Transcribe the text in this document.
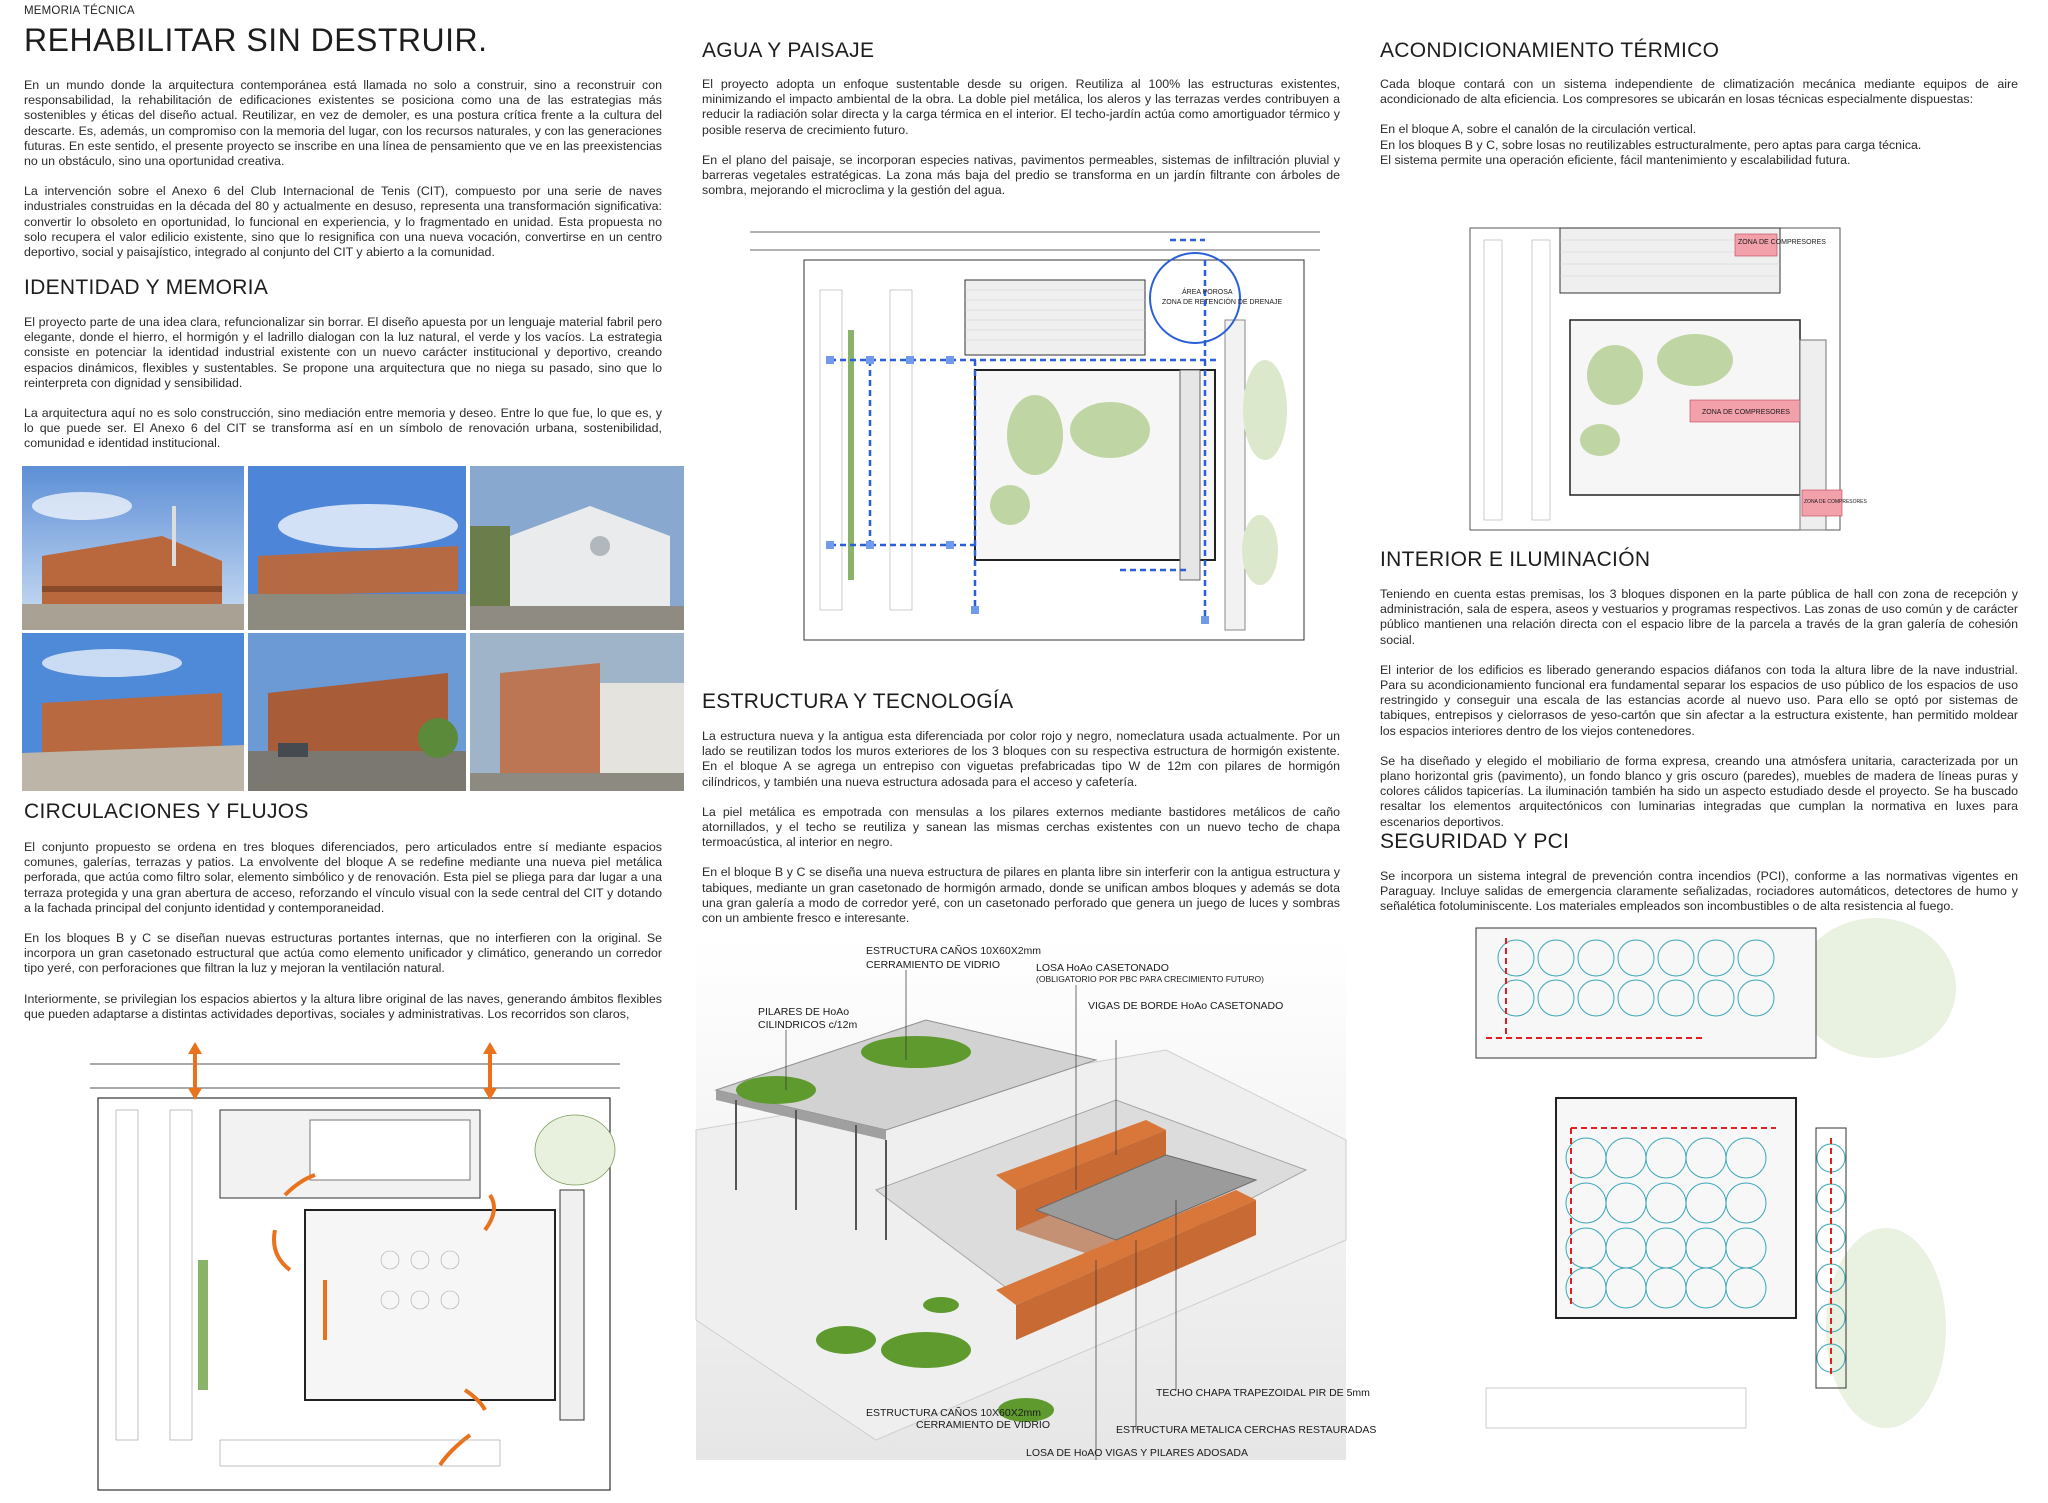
MEMORIA TÉCNICA
REHABILITAR SIN DESTRUIR.

En un mundo donde la arquitectura contemporánea está llamada no solo a construir, sino a reconstruir con responsabilidad, la rehabilitación de edificaciones existentes se posiciona como una de las estrategias más sostenibles y éticas del diseño actual. Reutilizar, en vez de demoler, es una postura crítica frente a la cultura del descarte. Es, además, un compromiso con la memoria del lugar, con los recursos naturales, y con las generaciones futuras. En este sentido, el presente proyecto se inscribe en una línea de pensamiento que ve en las preexistencias no un obstáculo, sino una oportunidad creativa.

La intervención sobre el Anexo 6 del Club Internacional de Tenis (CIT), compuesto por una serie de naves industriales construidas en la década del 80 y actualmente en desuso, representa una transformación significativa: convertir lo obsoleto en oportunidad, lo funcional en experiencia, y lo fragmentado en unidad. Esta propuesta no solo recupera el valor edilicio existente, sino que lo resignifica con una nueva vocación, convertirse en un centro deportivo, social y paisajístico, integrado al conjunto del CIT y abierto a la comunidad.

IDENTIDAD Y MEMORIA

El proyecto parte de una idea clara, refuncionalizar sin borrar. El diseño apuesta por un lenguaje material fabril pero elegante, donde el hierro, el hormigón y el ladrillo dialogan con la luz natural, el verde y los vacíos. La estrategia consiste en potenciar la identidad industrial existente con un nuevo carácter institucional y deportivo, creando espacios dinámicos, flexibles y sustentables. Se propone una arquitectura que no niega su pasado, sino que lo reinterpreta con dignidad y sensibilidad.

La arquitectura aquí no es solo construcción, sino mediación entre memoria y deseo. Entre lo que fue, lo que es, y lo que puede ser. El Anexo 6 del CIT se transforma así en un símbolo de renovación urbana, sostenibilidad, comunidad e identidad institucional.

CIRCULACIONES Y FLUJOS

El conjunto propuesto se ordena en tres bloques diferenciados, pero articulados entre sí mediante espacios comunes, galerías, terrazas y patios. La envolvente del bloque A se redefine mediante una nueva piel metálica perforada, que actúa como filtro solar, elemento simbólico y de renovación. Esta piel se pliega para dar lugar a una terraza protegida y una gran abertura de acceso, reforzando el vínculo visual con la sede central del CIT y dotando a la fachada principal del conjunto identidad y contemporaneidad.

En los bloques B y C se diseñan nuevas estructuras portantes internas, que no interfieren con la original. Se incorpora un gran casetonado estructural que actúa como elemento unificador y climático, generando un corredor tipo yeré, con perforaciones que filtran la luz y mejoran la ventilación natural.

Interiormente, se privilegian los espacios abiertos y la altura libre original de las naves, generando ámbitos flexibles que pueden adaptarse a distintas actividades deportivas, sociales y administrativas. Los recorridos son claros,

AGUA Y PAISAJE

El proyecto adopta un enfoque sustentable desde su origen. Reutiliza al 100% las estructuras existentes, minimizando el impacto ambiental de la obra. La doble piel metálica, los aleros y las terrazas verdes contribuyen a reducir la radiación solar directa y la carga térmica en el interior. El techo-jardín actúa como amortiguador térmico y posible reserva de crecimiento futuro.

En el plano del paisaje, se incorporan especies nativas, pavimentos permeables, sistemas de infiltración pluvial y barreras vegetales estratégicas. La zona más baja del predio se transforma en un jardín filtrante con árboles de sombra, mejorando el microclima y la gestión del agua.

ÁREA POROSA
ZONA DE RETENCIÓN DE DRENAJE
ESTRUCTURA Y TECNOLOGÍA

La estructura nueva y la antigua esta diferenciada por color rojo y negro, nomeclatura usada actualmente. Por un lado se reutilizan todos los muros exteriores de los 3 bloques con su respectiva estructura de hormigón existente. En el bloque A se agrega un entrepiso con viguetas prefabricadas tipo W de 12m con pilares de hormigón cilíndricos, y también una nueva estructura adosada para el acceso y cafetería.

La piel metálica es empotrada con mensulas a los pilares externos mediante bastidores metálicos de caño atornillados, y el techo se reutiliza y sanean las mismas cerchas existentes con un nuevo techo de chapa termoacústica, al interior en negro.

En el bloque B y C se diseña una nueva estructura de pilares en planta libre sin interferir con la antigua estructura y tabiques, mediante un gran casetonado de hormigón armado, donde se unifican ambos bloques y además se dota una gran galería a modo de corredor yeré, con un casetonado perforado que genera un juego de luces y sombras con un ambiente fresco e interesante.

ESTRUCTURA CAÑOS 10X60X2mm
CERRAMIENTO DE VIDRIO	LOSA HoAo CASETONADO
(OBLIGATORIO POR PBC PARA CRECIMIENTO FUTURO)
VIGAS DE BORDE HoAo CASETONADO
PILARES DE HoAo
CILINDRICOS c/12m
TECHO CHAPA TRAPEZOIDAL PIR DE 5mm
ESTRUCTURA CAÑOS 10X60X2mm
CERRAMIENTO DE VIDRIO	ESTRUCTURA METALICA CERCHAS RESTAURADAS
LOSA DE HoAO VIGAS Y PILARES ADOSADA
ACONDICIONAMIENTO TÉRMICO

Cada bloque contará con un sistema independiente de climatización mecánica mediante equipos de aire acondicionado de alta eficiencia. Los compresores se ubicarán en losas técnicas especialmente dispuestas:

En el bloque A, sobre el canalón de la circulación vertical.
En los bloques B y C, sobre losas no reutilizables estructuralmente, pero aptas para carga técnica.
El sistema permite una operación eficiente, fácil mantenimiento y escalabilidad futura.
ZONA DE COMPRESORES
ZONA DE COMPRESORES
ZONA DE COMPRESORES
INTERIOR E ILUMINACIÓN

Teniendo en cuenta estas premisas, los 3 bloques disponen en la parte pública de hall con zona de recepción y administración, sala de espera, aseos y vestuarios y programas respectivos. Las zonas de uso común y de carácter público mantienen una relación directa con el espacio libre de la parcela a través de la gran galería de cohesión social.

El interior de los edificios es liberado generando espacios diáfanos con toda la altura libre de la nave industrial. Para su acondicionamiento funcional era fundamental separar los espacios de uso público de los espacios de uso restringido y conseguir una escala de las estancias acorde al nuevo uso. Para ello se optó por sistemas de tabiques, entrepisos y cielorrasos de yeso-cartón que sin afectar a la estructura existente, han permitido moldear los espacios interiores dentro de los viejos contenedores.

Se ha diseñado y elegido el mobiliario de forma expresa, creando una atmósfera unitaria, caracterizada por un plano horizontal gris (pavimento), un fondo blanco y gris oscuro (paredes), muebles de madera de líneas puras y colores cálidos tapicerías. La iluminación también ha sido un aspecto estudiado desde el proyecto. Se ha buscado resaltar los elementos arquitectónicos con luminarias integradas que cumplan la normativa en luxes para escenarios deportivos.

SEGURIDAD Y PCI

Se incorpora un sistema integral de prevención contra incendios (PCI), conforme a las normativas vigentes en Paraguay. Incluye salidas de emergencia claramente señalizadas, rociadores automáticos, detectores de humo y señalética fotoluminiscente. Los materiales empleados son incombustibles o de alta resistencia al fuego.
